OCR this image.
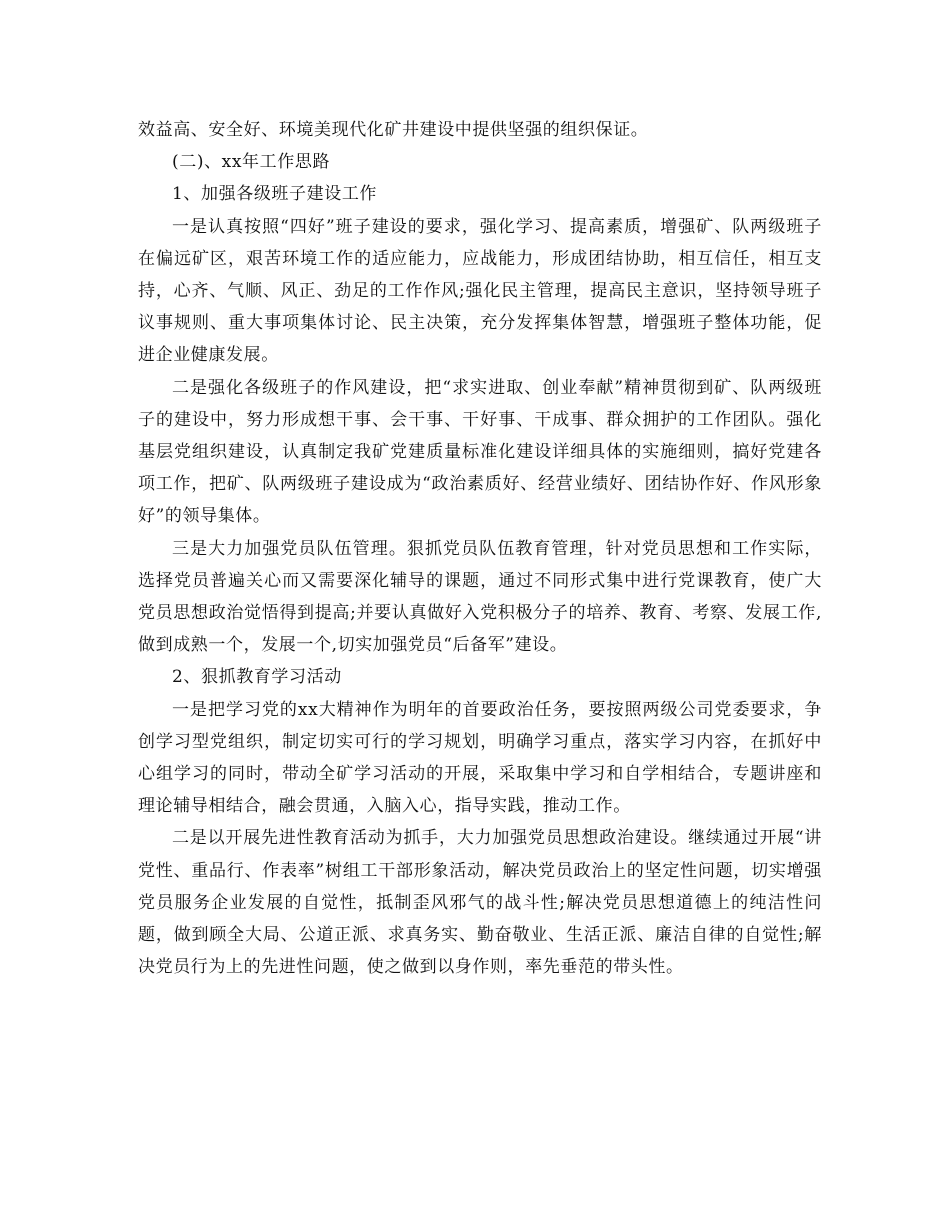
效益高、安全好、环境美现代化矿井建设中提供坚强的组织保证。

(二)、xx年工作思路

1、加强各级班子建设工作

一是认真按照“四好”班子建设的要求，强化学习、提高素质，增强矿、队两级班子在偏远矿区，艰苦环境工作的适应能力，应战能力，形成团结协助，相互信任，相互支持，心齐、气顺、风正、劲足的工作作风;强化民主管理，提高民主意识，坚持领导班子议事规则、重大事项集体讨论、民主决策，充分发挥集体智慧，增强班子整体功能，促进企业健康发展。

二是强化各级班子的作风建设，把“求实进取、创业奉献”精神贯彻到矿、队两级班子的建设中，努力形成想干事、会干事、干好事、干成事、群众拥护的工作团队。强化基层党组织建设，认真制定我矿党建质量标准化建设详细具体的实施细则，搞好党建各项工作，把矿、队两级班子建设成为“政治素质好、经营业绩好、团结协作好、作风形象好”的领导集体。

三是大力加强党员队伍管理。狠抓党员队伍教育管理，针对党员思想和工作实际，选择党员普遍关心而又需要深化辅导的课题，通过不同形式集中进行党课教育，使广大党员思想政治觉悟得到提高;并要认真做好入党积极分子的培养、教育、考察、发展工作,做到成熟一个，发展一个,切实加强党员“后备军”建设。

2、狠抓教育学习活动

一是把学习党的xx大精神作为明年的首要政治任务，要按照两级公司党委要求，争创学习型党组织，制定切实可行的学习规划，明确学习重点，落实学习内容，在抓好中心组学习的同时，带动全矿学习活动的开展，采取集中学习和自学相结合，专题讲座和理论辅导相结合，融会贯通，入脑入心，指导实践，推动工作。

二是以开展先进性教育活动为抓手，大力加强党员思想政治建设。继续通过开展“讲党性、重品行、作表率”树组工干部形象活动，解决党员政治上的坚定性问题，切实增强党员服务企业发展的自觉性，抵制歪风邪气的战斗性;解决党员思想道德上的纯洁性问题，做到顾全大局、公道正派、求真务实、勤奋敬业、生活正派、廉洁自律的自觉性;解决党员行为上的先进性问题，使之做到以身作则，率先垂范的带头性。
